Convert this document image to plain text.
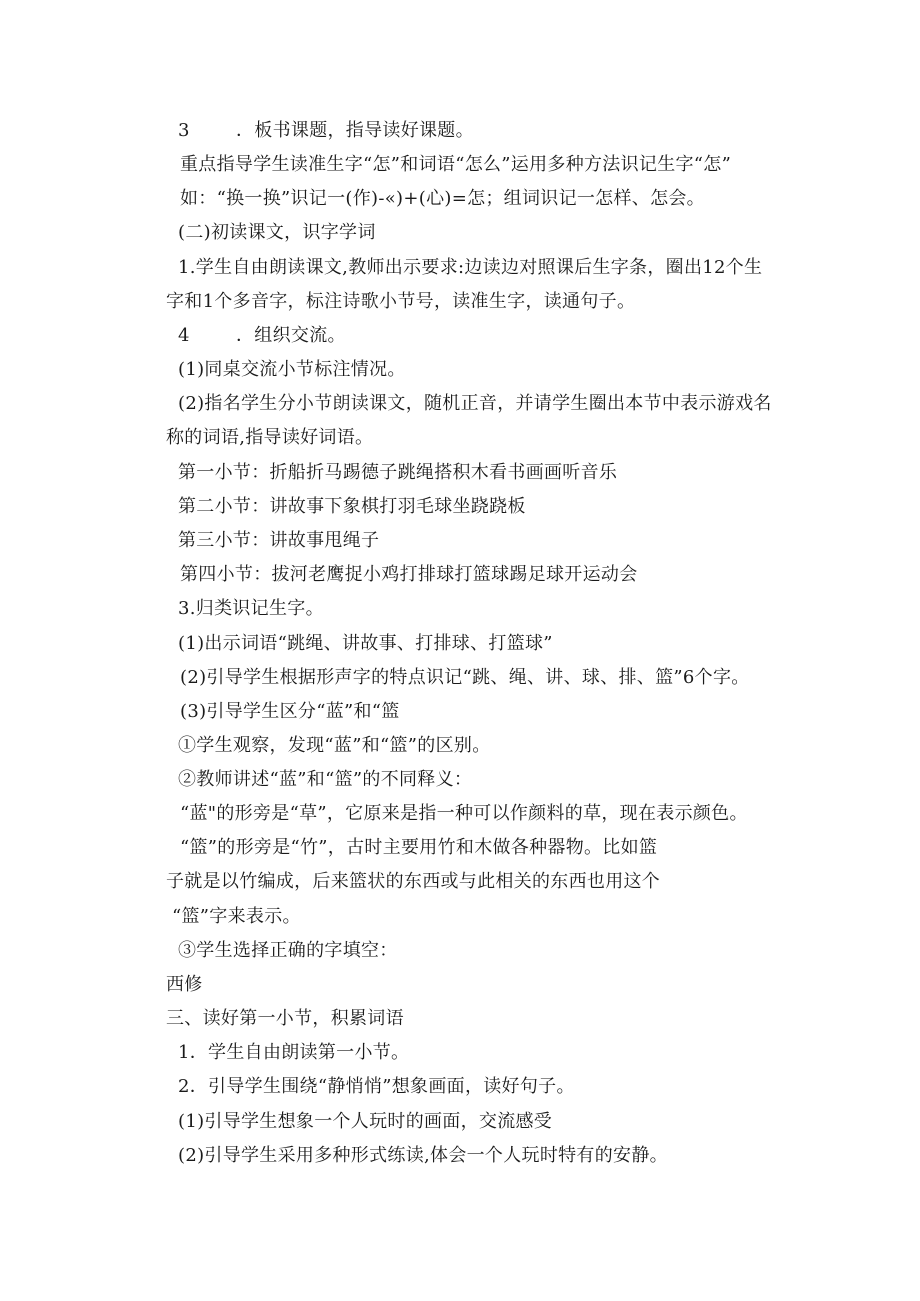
3	．板书课题，指导读好课题。
重点指导学生读准生字“怎”和词语“怎么”运用多种方法识记生字“怎”
如：“换一换”识记一(作)-«)+(心)=怎；组词识记一怎样、怎会。
(二)初读课文，识字学词
1.学生自由朗读课文,教师出示要求:边读边对照课后生字条，圈出12个生
字和1个多音字，标注诗歌小节号，读准生字，读通句子。
4	．组织交流。
(1)同桌交流小节标注情况。
(2)指名学生分小节朗读课文，随机正音，并请学生圈出本节中表示游戏名
称的词语,指导读好词语。
第一小节：折船折马踢德子跳绳搭积木看书画画听音乐
第二小节：讲故事下象棋打羽毛球坐跷跷板
第三小节：讲故事甩绳子
第四小节：拔河老鹰捉小鸡打排球打篮球踢足球开运动会
3.归类识记生字。
(1)出示词语“跳绳、讲故事、打排球、打篮球”
(2)引导学生根据形声字的特点识记“跳、绳、讲、球、排、篮”6个字。
(3)引导学生区分“蓝”和“篮
①学生观察，发现“蓝”和“篮”的区别。
②教师讲述“蓝”和“篮”的不同释义：
“蓝"的形旁是“草”，它原来是指一种可以作颜料的草，现在表示颜色。
“篮”的形旁是“竹”，古时主要用竹和木做各种器物。比如篮
子就是以竹编成，后来篮状的东西或与此相关的东西也用这个
“篮”字来表示。
③学生选择正确的字填空：
西修
三、读好第一小节，积累词语
1．学生自由朗读第一小节。
2．引导学生围绕“静悄悄”想象画面，读好句子。
(1)引导学生想象一个人玩时的画面，交流感受
(2)引导学生采用多种形式练读,体会一个人玩时特有的安静。
